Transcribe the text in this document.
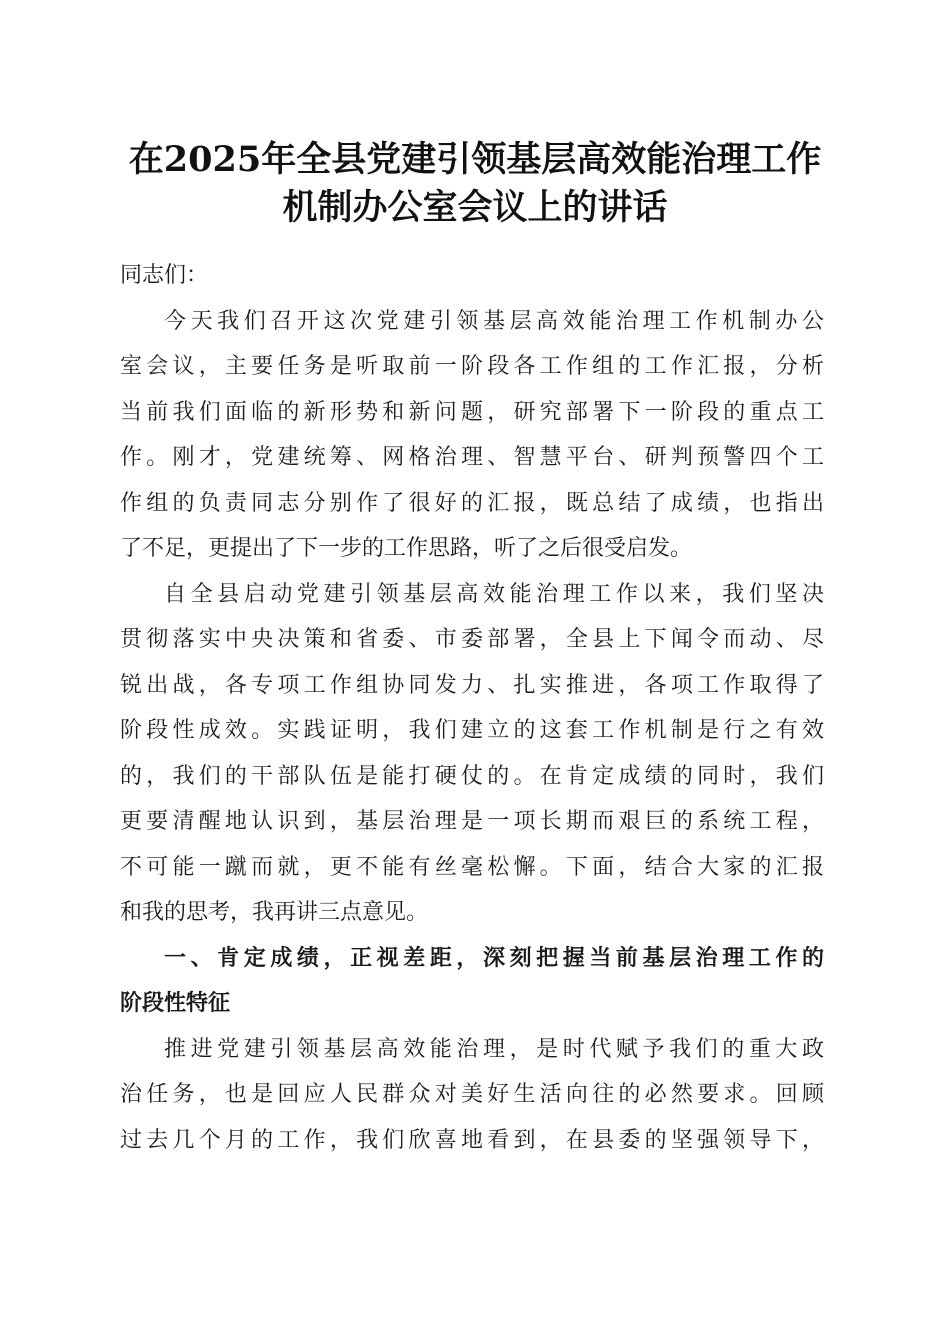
在2025年全县党建引领基层高效能治理工作
机制办公室会议上的讲话
同志们：
今天我们召开这次党建引领基层高效能治理工作机制办公
室会议，主要任务是听取前一阶段各工作组的工作汇报，分析
当前我们面临的新形势和新问题，研究部署下一阶段的重点工
作。刚才，党建统筹、网格治理、智慧平台、研判预警四个工
作组的负责同志分别作了很好的汇报，既总结了成绩，也指出
了不足，更提出了下一步的工作思路，听了之后很受启发。
自全县启动党建引领基层高效能治理工作以来，我们坚决
贯彻落实中央决策和省委、市委部署，全县上下闻令而动、尽
锐出战，各专项工作组协同发力、扎实推进，各项工作取得了
阶段性成效。实践证明，我们建立的这套工作机制是行之有效
的，我们的干部队伍是能打硬仗的。在肯定成绩的同时，我们
更要清醒地认识到，基层治理是一项长期而艰巨的系统工程，
不可能一蹴而就，更不能有丝毫松懈。下面，结合大家的汇报
和我的思考，我再讲三点意见。
一、肯定成绩，正视差距，深刻把握当前基层治理工作的
阶段性特征
推进党建引领基层高效能治理，是时代赋予我们的重大政
治任务，也是回应人民群众对美好生活向往的必然要求。回顾
过去几个月的工作，我们欣喜地看到，在县委的坚强领导下，
